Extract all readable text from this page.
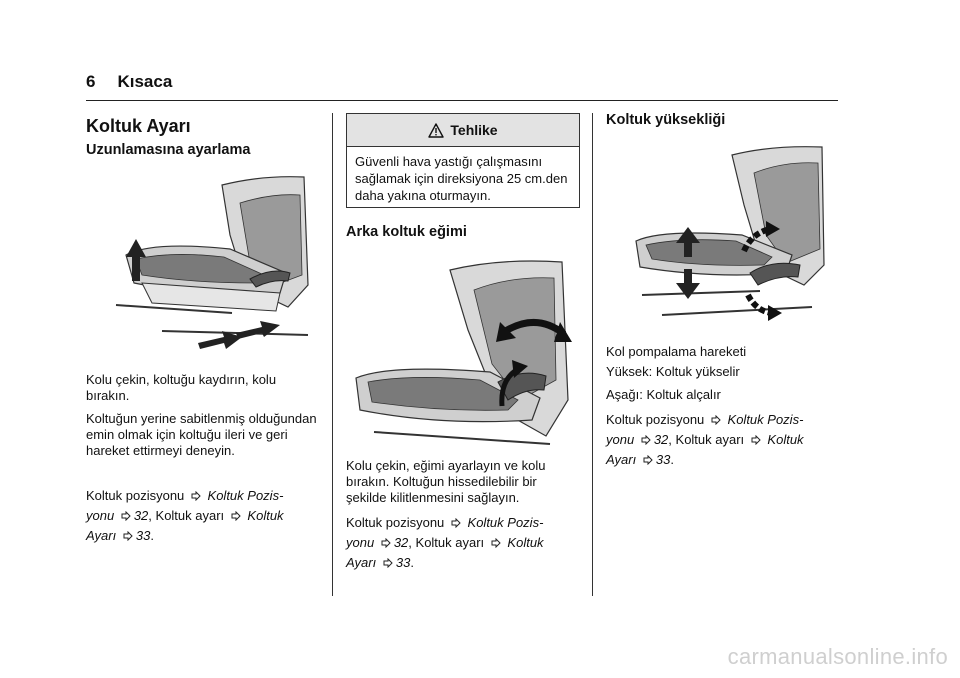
6 Kısaca
Koltuk Ayarı
Uzunlamasına ayarlama

Kolu çekin, koltuğu kaydırın, kolu bırakın.

Koltuğun yerine sabitlenmiş olduğundan emin olmak için koltuğu ileri ve geri hareket ettirmeyi deneyin.

Koltuk pozisyonu Koltuk Pozis-
yonu 32, Koltuk ayarı Koltuk
Ayarı 33.

Tehlike
Güvenli hava yastığı çalışmasını sağlamak için direksiyona 25 cm.den daha yakına oturmayın.
Arka koltuk eğimi

Kolu çekin, eğimi ayarlayın ve kolu bırakın. Koltuğun hissedilebilir bir şekilde kilitlenmesini sağlayın.

Koltuk pozisyonu Koltuk Pozis-
yonu 32, Koltuk ayarı Koltuk
Ayarı 33.

Koltuk yüksekliği

Kol pompalama hareketi

Yüksek: Koltuk yükselir

Aşağı: Koltuk alçalır

Koltuk pozisyonu Koltuk Pozis-
yonu 32, Koltuk ayarı Koltuk
Ayarı 33.

carmanualsonline.info
